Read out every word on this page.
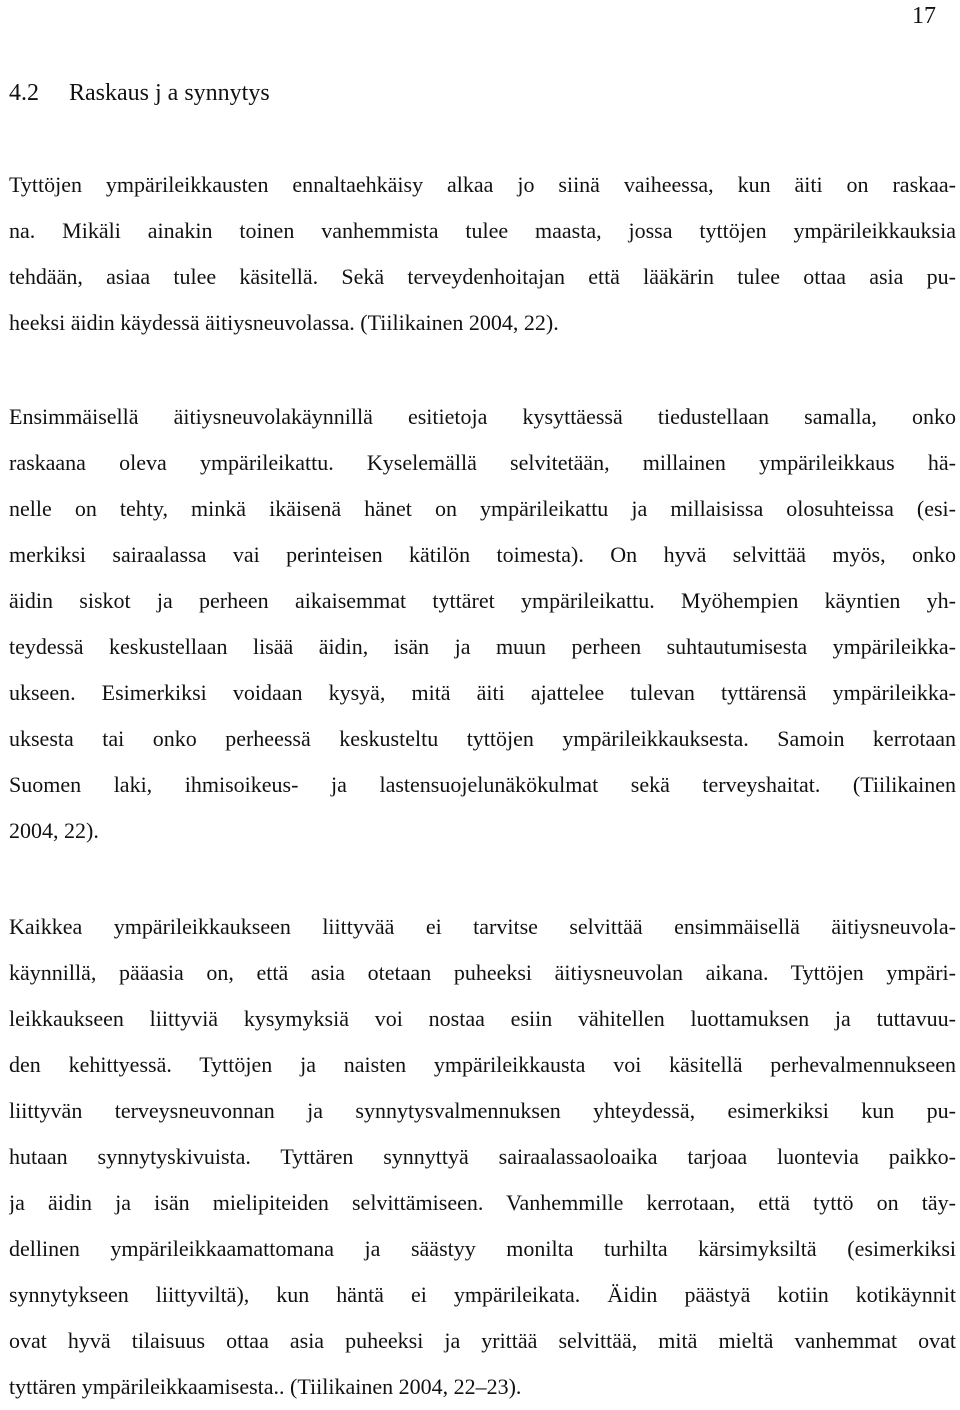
17
4.2 Raskaus j a synnytys
Tyttöjen ympärileikkausten ennaltaehkäisy alkaa jo siinä vaiheessa, kun äiti on raskaa-
na. Mikäli ainakin toinen vanhemmista tulee maasta, jossa tyttöjen ympärileikkauksia
tehdään, asiaa tulee käsitellä. Sekä terveydenhoitajan että lääkärin tulee ottaa asia pu-
heeksi äidin käydessä äitiysneuvolassa. (Tiilikainen 2004, 22).
Ensimmäisellä äitiysneuvolakäynnillä esitietoja kysyttäessä tiedustellaan samalla, onko
raskaana oleva ympärileikattu. Kyselemällä selvitetään, millainen ympärileikkaus hä-
nelle on tehty, minkä ikäisenä hänet on ympärileikattu ja millaisissa olosuhteissa (esi-
merkiksi sairaalassa vai perinteisen kätilön toimesta). On hyvä selvittää myös, onko
äidin siskot ja perheen aikaisemmat tyttäret ympärileikattu. Myöhempien käyntien yh-
teydessä keskustellaan lisää äidin, isän ja muun perheen suhtautumisesta ympärileikka-
ukseen. Esimerkiksi voidaan kysyä, mitä äiti ajattelee tulevan tyttärensä ympärileikka-
uksesta tai onko perheessä keskusteltu tyttöjen ympärileikkauksesta. Samoin kerrotaan
Suomen laki, ihmisoikeus- ja lastensuojelunäkökulmat sekä terveyshaitat. (Tiilikainen
2004, 22).
Kaikkea ympärileikkaukseen liittyvää ei tarvitse selvittää ensimmäisellä äitiysneuvola-
käynnillä, pääasia on, että asia otetaan puheeksi äitiysneuvolan aikana. Tyttöjen ympäri-
leikkaukseen liittyviä kysymyksiä voi nostaa esiin vähitellen luottamuksen ja tuttavuu-
den kehittyessä. Tyttöjen ja naisten ympärileikkausta voi käsitellä perhevalmennukseen
liittyvän terveysneuvonnan ja synnytysvalmennuksen yhteydessä, esimerkiksi kun pu-
hutaan synnytyskivuista. Tyttären synnyttyä sairaalassaoloaika tarjoaa luontevia paikko-
ja äidin ja isän mielipiteiden selvittämiseen. Vanhemmille kerrotaan, että tyttö on täy-
dellinen ympärileikkaamattomana ja säästyy monilta turhilta kärsimyksiltä (esimerkiksi
synnytykseen liittyviltä), kun häntä ei ympärileikata. Äidin päästyä kotiin kotikäynnit
ovat hyvä tilaisuus ottaa asia puheeksi ja yrittää selvittää, mitä mieltä vanhemmat ovat
tyttären ympärileikkaamisesta.. (Tiilikainen 2004, 22–23).
